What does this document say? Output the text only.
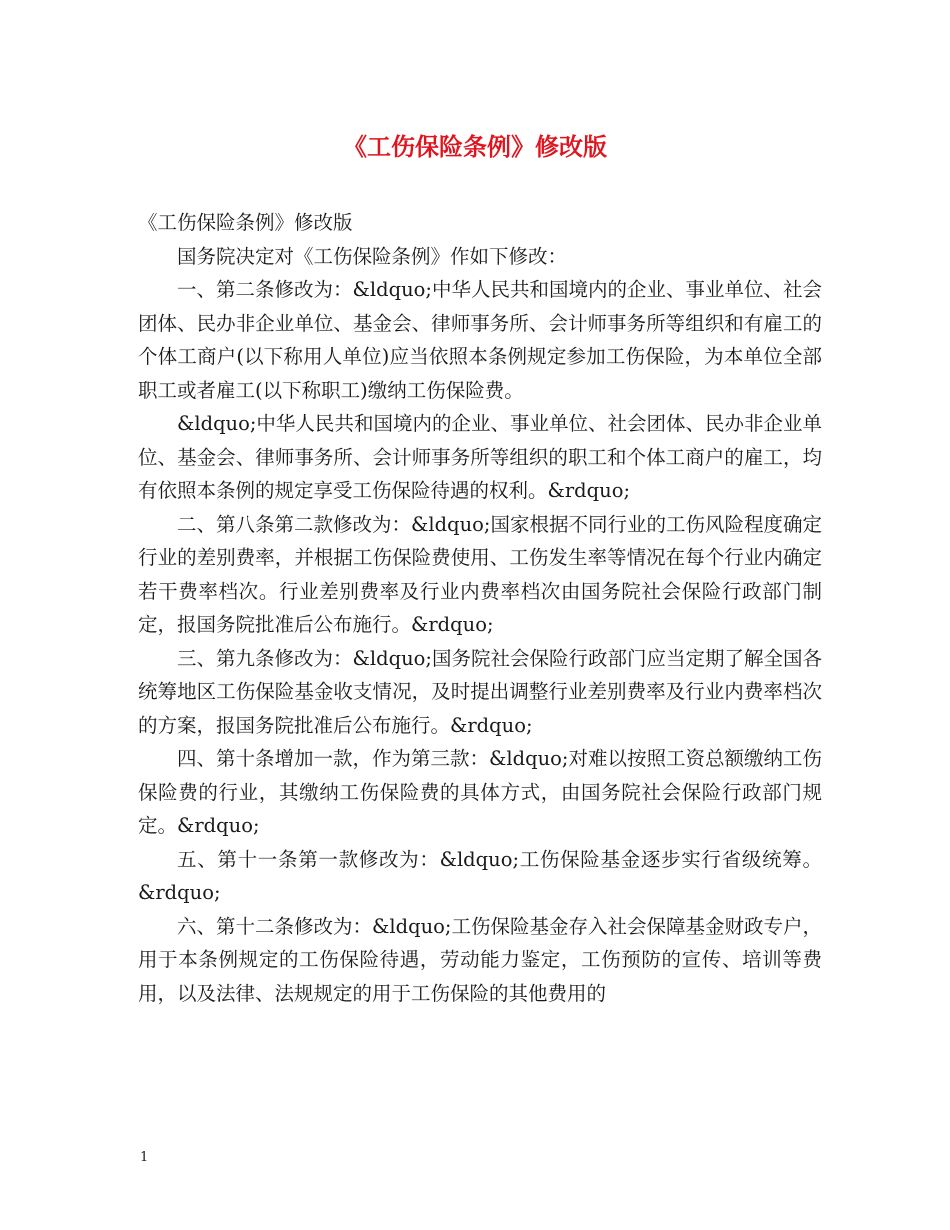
《工伤保险条例》修改版

《工伤保险条例》修改版

国务院决定对《工伤保险条例》作如下修改：

一、第二条修改为：&ldquo;中华人民共和国境内的企业、事业单位、社会团体、民办非企业单位、基金会、律师事务所、会计师事务所等组织和有雇工的个体工商户(以下称用人单位)应当依照本条例规定参加工伤保险，为本单位全部职工或者雇工(以下称职工)缴纳工伤保险费。

&ldquo;中华人民共和国境内的企业、事业单位、社会团体、民办非企业单位、基金会、律师事务所、会计师事务所等组织的职工和个体工商户的雇工，均有依照本条例的规定享受工伤保险待遇的权利。&rdquo;

二、第八条第二款修改为：&ldquo;国家根据不同行业的工伤风险程度确定行业的差别费率，并根据工伤保险费使用、工伤发生率等情况在每个行业内确定若干费率档次。行业差别费率及行业内费率档次由国务院社会保险行政部门制定，报国务院批准后公布施行。&rdquo;

三、第九条修改为：&ldquo;国务院社会保险行政部门应当定期了解全国各统筹地区工伤保险基金收支情况，及时提出调整行业差别费率及行业内费率档次的方案，报国务院批准后公布施行。&rdquo;

四、第十条增加一款，作为第三款：&ldquo;对难以按照工资总额缴纳工伤保险费的行业，其缴纳工伤保险费的具体方式，由国务院社会保险行政部门规定。&rdquo;

五、第十一条第一款修改为：&ldquo;工伤保险基金逐步实行省级统筹。&rdquo;

六、第十二条修改为：&ldquo;工伤保险基金存入社会保障基金财政专户，用于本条例规定的工伤保险待遇，劳动能力鉴定，工伤预防的宣传、培训等费用，以及法律、法规规定的用于工伤保险的其他费用的

1
